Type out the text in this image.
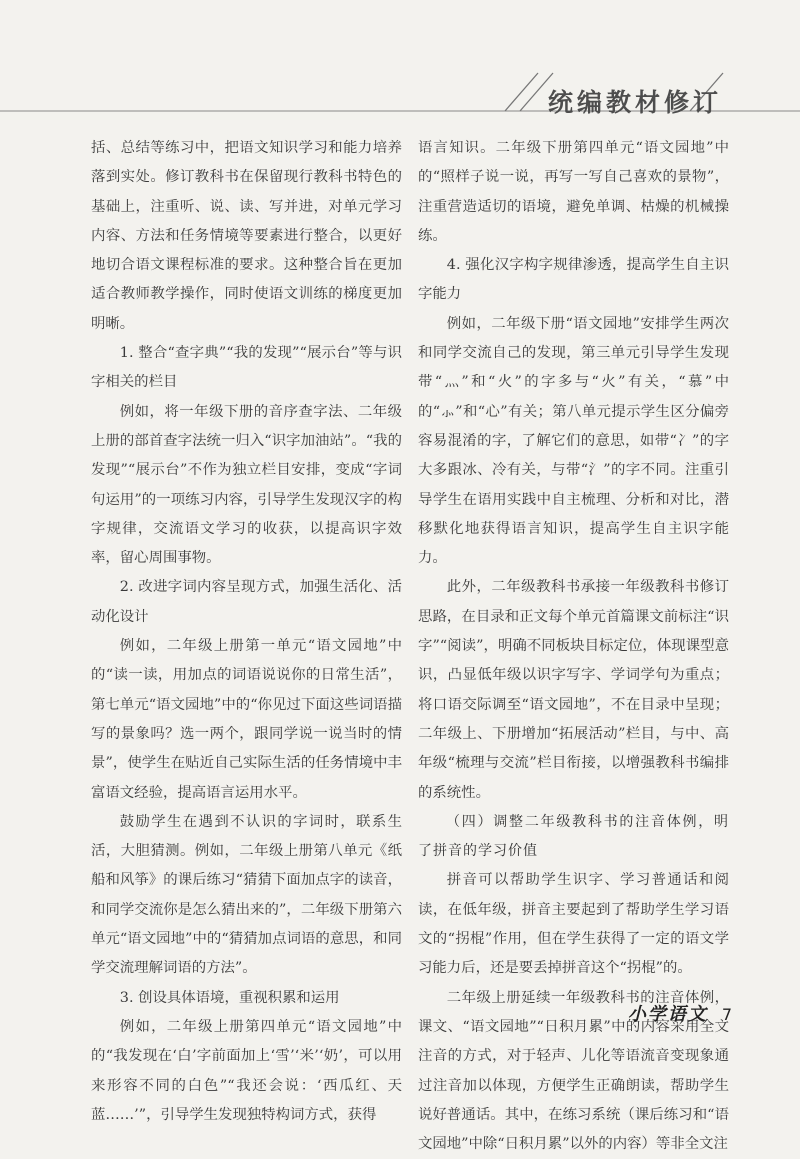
统编教材修订

括、总结等练习中，把语文知识学习和能力培养落到实处。修订教科书在保留现行教科书特色的基础上，注重听、说、读、写并进，对单元学习内容、方法和任务情境等要素进行整合，以更好地切合语文课程标准的要求。这种整合旨在更加适合教师教学操作，同时使语文训练的梯度更加明晰。

1. 整合“查字典”“我的发现”“展示台”等与识字相关的栏目

例如，将一年级下册的音序查字法、二年级上册的部首查字法统一归入“识字加油站”。“我的发现”“展示台”不作为独立栏目安排，变成“字词句运用”的一项练习内容，引导学生发现汉字的构字规律，交流语文学习的收获，以提高识字效率，留心周围事物。

2. 改进字词内容呈现方式，加强生活化、活动化设计

例如，二年级上册第一单元“语文园地”中的“读一读，用加点的词语说说你的日常生活”，第七单元“语文园地”中的“你见过下面这些词语描写的景象吗？选一两个，跟同学说一说当时的情景”，使学生在贴近自己实际生活的任务情境中丰富语文经验，提高语言运用水平。

鼓励学生在遇到不认识的字词时，联系生活，大胆猜测。例如，二年级上册第八单元《纸船和风筝》的课后练习“猜猜下面加点字的读音，和同学交流你是怎么猜出来的”，二年级下册第六单元“语文园地”中的“猜猜加点词语的意思，和同学交流理解词语的方法”。

3. 创设具体语境，重视积累和运用

例如，二年级上册第四单元“语文园地”中的“我发现在‘白’字前面加上‘雪’‘米’‘奶’，可以用来形容不同的白色”“我还会说：‘西瓜红、天蓝……’”，引导学生发现独特构词方式，获得

语言知识。二年级下册第四单元“语文园地”中的“照样子说一说，再写一写自己喜欢的景物”，注重营造适切的语境，避免单调、枯燥的机械操练。

4. 强化汉字构字规律渗透，提高学生自主识字能力

例如，二年级下册“语文园地”安排学生两次和同学交流自己的发现，第三单元引导学生发现带“灬”和“火”的字多与“火”有关，“慕”中的“⺗”和“心”有关；第八单元提示学生区分偏旁容易混淆的字，了解它们的意思，如带“冫”的字大多跟冰、冷有关，与带“氵”的字不同。注重引导学生在语用实践中自主梳理、分析和对比，潜移默化地获得语言知识，提高学生自主识字能力。

此外，二年级教科书承接一年级教科书修订思路，在目录和正文每个单元首篇课文前标注“识字”“阅读”，明确不同板块目标定位，体现课型意识，凸显低年级以识字写字、学词学句为重点；将口语交际调至“语文园地”，不在目录中呈现；二年级上、下册增加“拓展活动”栏目，与中、高年级“梳理与交流”栏目衔接，以增强教科书编排的系统性。

（四）调整二年级教科书的注音体例，明了拼音的学习价值

拼音可以帮助学生识字、学习普通话和阅读，在低年级，拼音主要起到了帮助学生学习语文的“拐棍”作用，但在学生获得了一定的语文学习能力后，还是要丢掉拼音这个“拐棍”的。

二年级上册延续一年级教科书的注音体例，课文、“语文园地”“日积月累”中的内容采用全文注音的方式，对于轻声、儿化等语流音变现象通过注音加以体现，方便学生正确朗读，帮助学生说好普通话。其中，在练习系统（课后练习和“语文园地”中除“日积月累”以外的内容）等非全文注

小学语文 7
